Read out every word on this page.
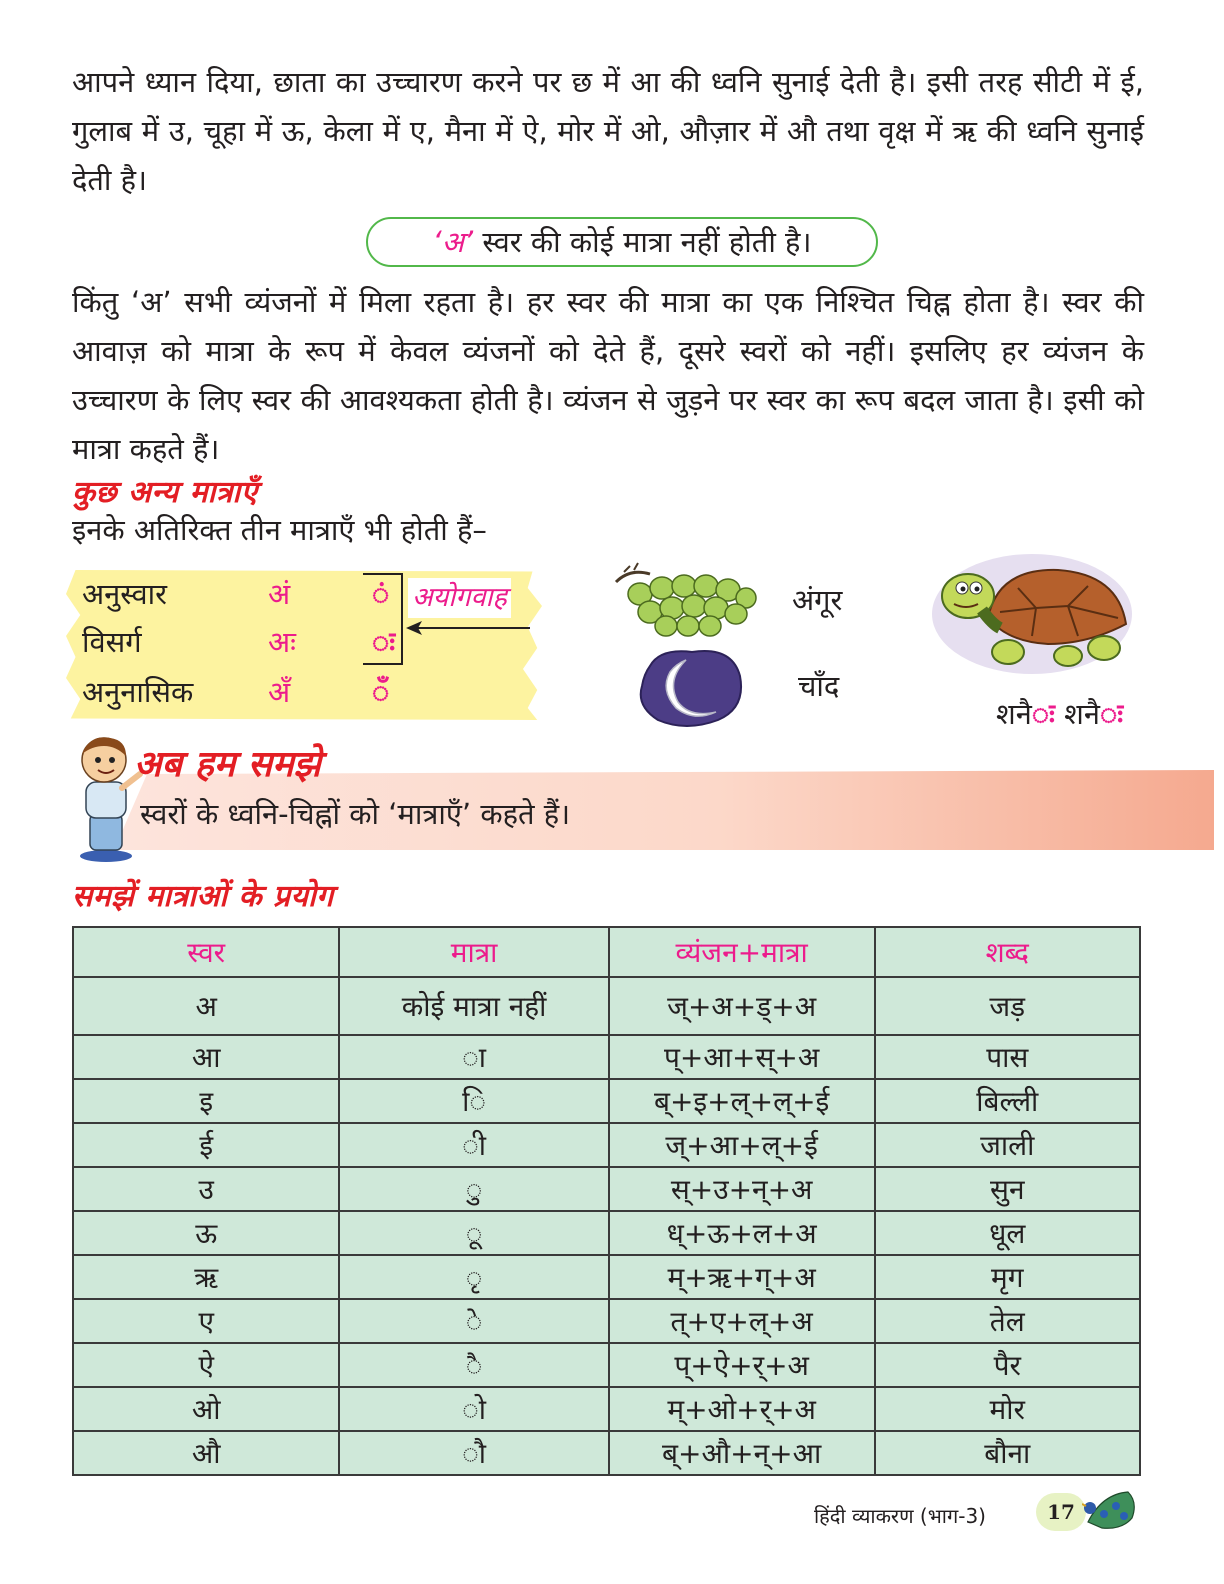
आपने ध्यान दिया, छाता का उच्चारण करने पर छ में आ की ध्वनि सुनाई देती है। इसी तरह सीटी में ई, गुलाब में उ, चूहा में ऊ, केला में ए, मैना में ऐ, मोर में ओ, औज़ार में औ तथा वृक्ष में ऋ की ध्वनि सुनाई देती है।

‘अ’ स्वर की कोई मात्रा नहीं होती है।

किंतु ‘अ’ सभी व्यंजनों में मिला रहता है। हर स्वर की मात्रा का एक निश्चित चिह्न होता है। स्वर की आवाज़ को मात्रा के रूप में केवल व्यंजनों को देते हैं, दूसरे स्वरों को नहीं। इसलिए हर व्यंजन के उच्चारण के लिए स्वर की आवश्यकता होती है। व्यंजन से जुड़ने पर स्वर का रूप बदल जाता है। इसी को मात्रा कहते हैं।

कुछ अन्य मात्राएँ
इनके अतिरिक्त तीन मात्राएँ भी होती हैं–
अनुस्वार	अं	ं
विसर्ग	अः	ः
अनुनासिक	अँ	ँ
अयोगवाह	अंगूर
चाँद
शनैः शनैः
अब हम समझे
स्वरों के ध्वनि-चिह्नों को ‘मात्राएँ’ कहते हैं।
समझें मात्राओं के प्रयोग
स्वर	मात्रा	व्यंजन+मात्रा	शब्द
अ	कोई मात्रा नहीं	ज्+अ+ड्+अ	जड़
आ	ा	प्+आ+स्+अ	पास
इ	ि	ब्+इ+ल्+ल्+ई	बिल्ली
ई	ी	ज्+आ+ल्+ई	जाली
उ	ु	स्+उ+न्+अ	सुन
ऊ	ू	ध्+ऊ+ल+अ	धूल
ऋ	ृ	म्+ऋ+ग्+अ	मृग
ए	े	त्+ए+ल्+अ	तेल
ऐ	ै	प्+ऐ+र्+अ	पैर
ओ	ो	म्+ओ+र्+अ	मोर
औ	ौ	ब्+औ+न्+आ	बौना
हिंदी व्याकरण (भाग-3)	17
